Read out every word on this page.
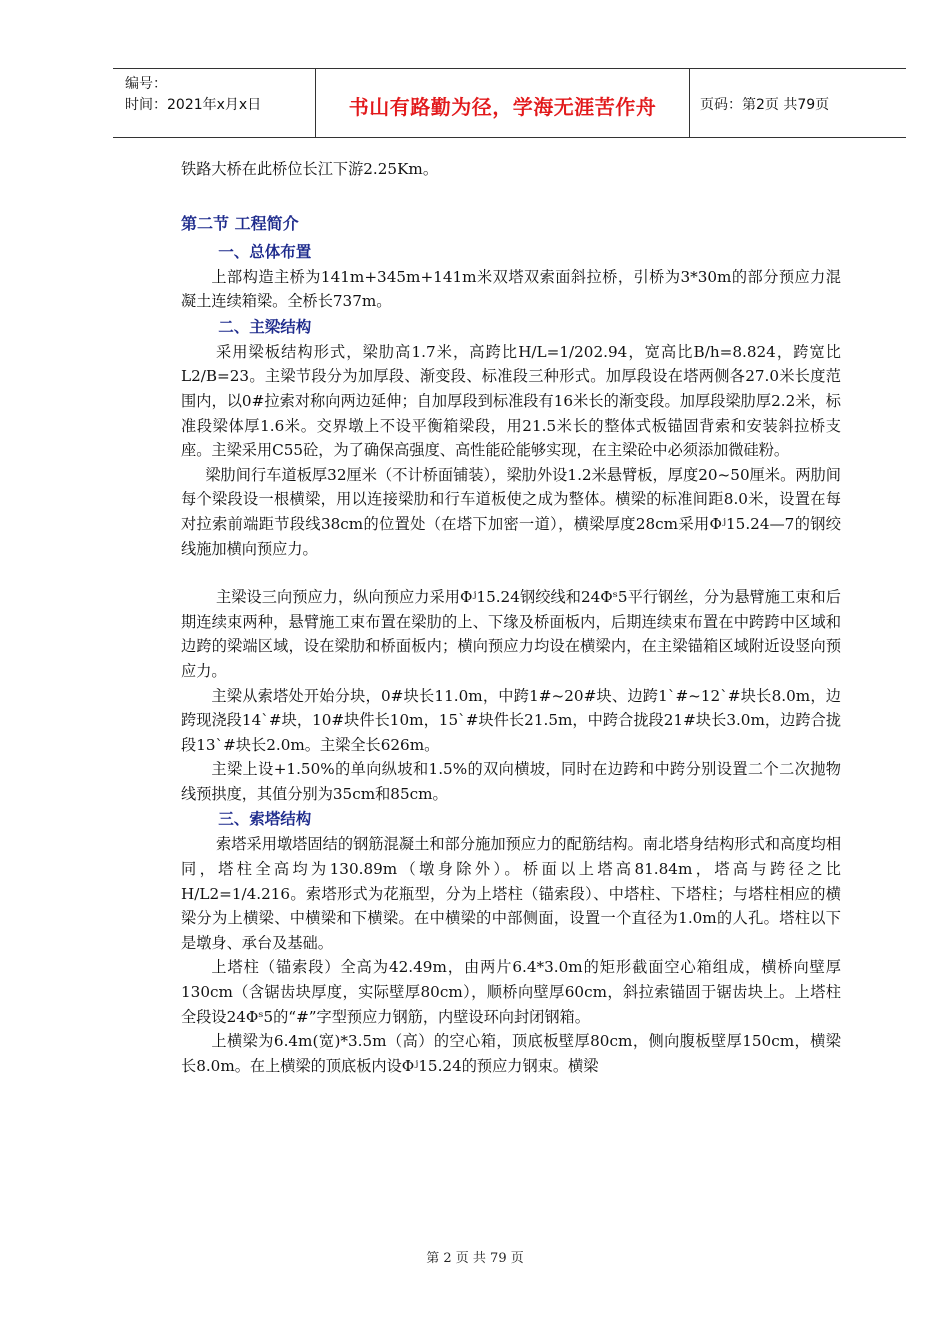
编号：
时间：2021年x月x日	书山有路勤为径，学海无涯苦作舟	页码：第2页 共79页

铁路大桥在此桥位长江下游2.25Km。

第二节 工程简介
一、总体布置

上部构造主桥为141m+345m+141m米双塔双索面斜拉桥，引桥为3*30m的部分预应力混凝土连续箱梁。全桥长737m。

二、主梁结构

采用梁板结构形式，梁肋高1.7米，高跨比H/L=1/202.94，宽高比B/h=8.824，跨宽比L2/B=23。主梁节段分为加厚段、渐变段、标准段三种形式。加厚段设在塔两侧各27.0米长度范围内，以0#拉索对称向两边延伸；自加厚段到标准段有16米长的渐变段。加厚段梁肋厚2.2米，标准段梁体厚1.6米。交界墩上不设平衡箱梁段，用21.5米长的整体式板锚固背索和安装斜拉桥支座。主梁采用C55砼，为了确保高强度、高性能砼能够实现，在主梁砼中必须添加微硅粉。

梁肋间行车道板厚32厘米（不计桥面铺装），梁肋外设1.2米悬臂板，厚度20~50厘米。两肋间每个梁段设一根横梁，用以连接梁肋和行车道板使之成为整体。横梁的标准间距8.0米，设置在每对拉索前端距节段线38cm的位置处（在塔下加密一道），横梁厚度28cm采用Φʲ15.24—7的钢绞线施加横向预应力。

主梁设三向预应力，纵向预应力采用Φʲ15.24钢绞线和24Φˢ5平行钢丝，分为悬臂施工束和后期连续束两种，悬臂施工束布置在梁肋的上、下缘及桥面板内，后期连续束布置在中跨跨中区域和边跨的梁端区域，设在梁肋和桥面板内；横向预应力均设在横梁内，在主梁锚箱区域附近设竖向预应力。

主梁从索塔处开始分块，0#块长11.0m，中跨1#~20#块、边跨1`#~12`#块长8.0m，边跨现浇段14`#块，10#块件长10m，15`#块件长21.5m，中跨合拢段21#块长3.0m，边跨合拢段13`#块长2.0m。主梁全长626m。

主梁上设+1.50%的单向纵坡和1.5%的双向横坡，同时在边跨和中跨分别设置二个二次抛物线预拱度，其值分别为35cm和85cm。

三、索塔结构

索塔采用墩塔固结的钢筋混凝土和部分施加预应力的配筋结构。南北塔身结构形式和高度均相同，塔柱全高均为130.89m（墩身除外）。桥面以上塔高81.84m，塔高与跨径之比H/L2=1/4.216。索塔形式为花瓶型，分为上塔柱（锚索段）、中塔柱、下塔柱；与塔柱相应的横梁分为上横梁、中横梁和下横梁。在中横梁的中部侧面，设置一个直径为1.0m的人孔。塔柱以下是墩身、承台及基础。

上塔柱（锚索段）全高为42.49m，由两片6.4*3.0m的矩形截面空心箱组成，横桥向壁厚130cm（含锯齿块厚度，实际壁厚80cm），顺桥向壁厚60cm，斜拉索锚固于锯齿块上。上塔柱全段设24Φˢ5的“#”字型预应力钢筋，内壁设环向封闭钢箱。

上横梁为6.4m(宽)*3.5m（高）的空心箱，顶底板壁厚80cm，侧向腹板壁厚150cm，横梁长8.0m。在上横梁的顶底板内设Φʲ15.24的预应力钢束。横梁

第 2 页 共 79 页
